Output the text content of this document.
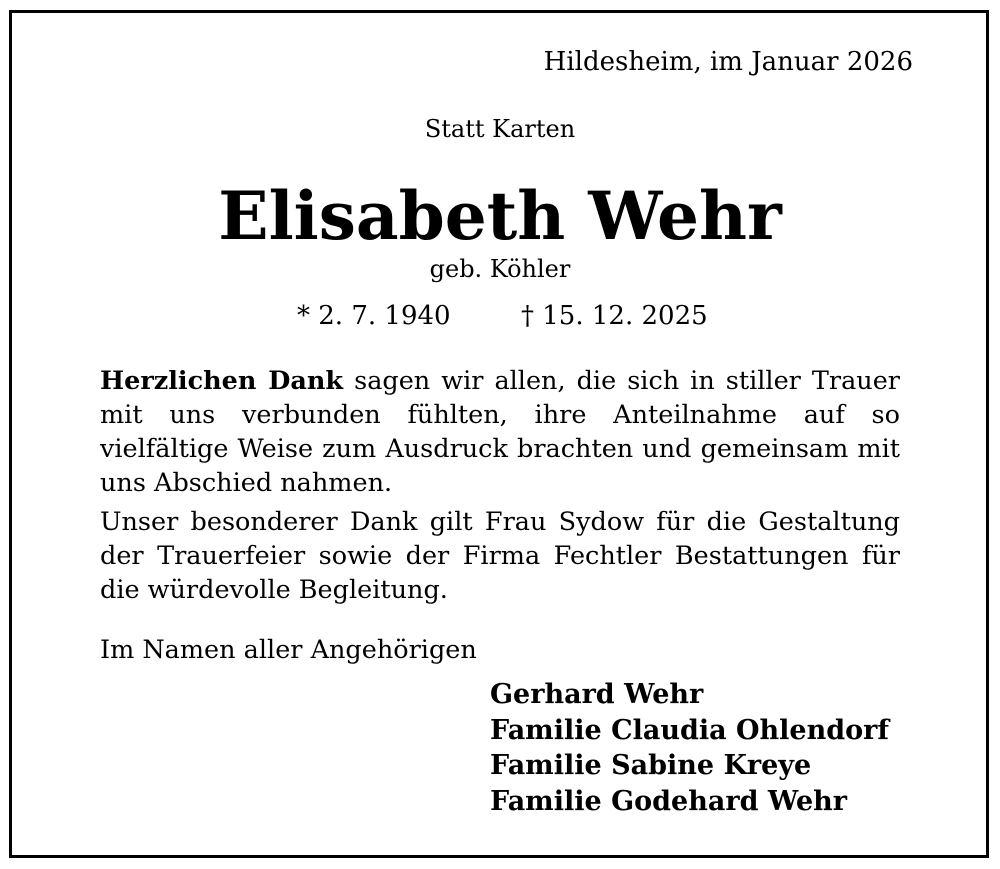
Hildesheim, im Januar 2026
Statt Karten
Elisabeth Wehr
geb. Köhler
* 2. 7. 1940	† 15. 12. 2025

Herzlichen Dank sagen wir allen, die sich in stiller Trauer mit uns verbunden fühlten, ihre Anteilnahme auf so vielfältige Weise zum Ausdruck brachten und gemeinsam mit uns Abschied nahmen.

Unser besonderer Dank gilt Frau Sydow für die Gestaltung der Trauerfeier sowie der Firma Fechtler Bestattungen für die würdevolle Begleitung.

Im Namen aller Angehörigen
Gerhard Wehr
Familie Claudia Ohlendorf
Familie Sabine Kreye
Familie Godehard Wehr
